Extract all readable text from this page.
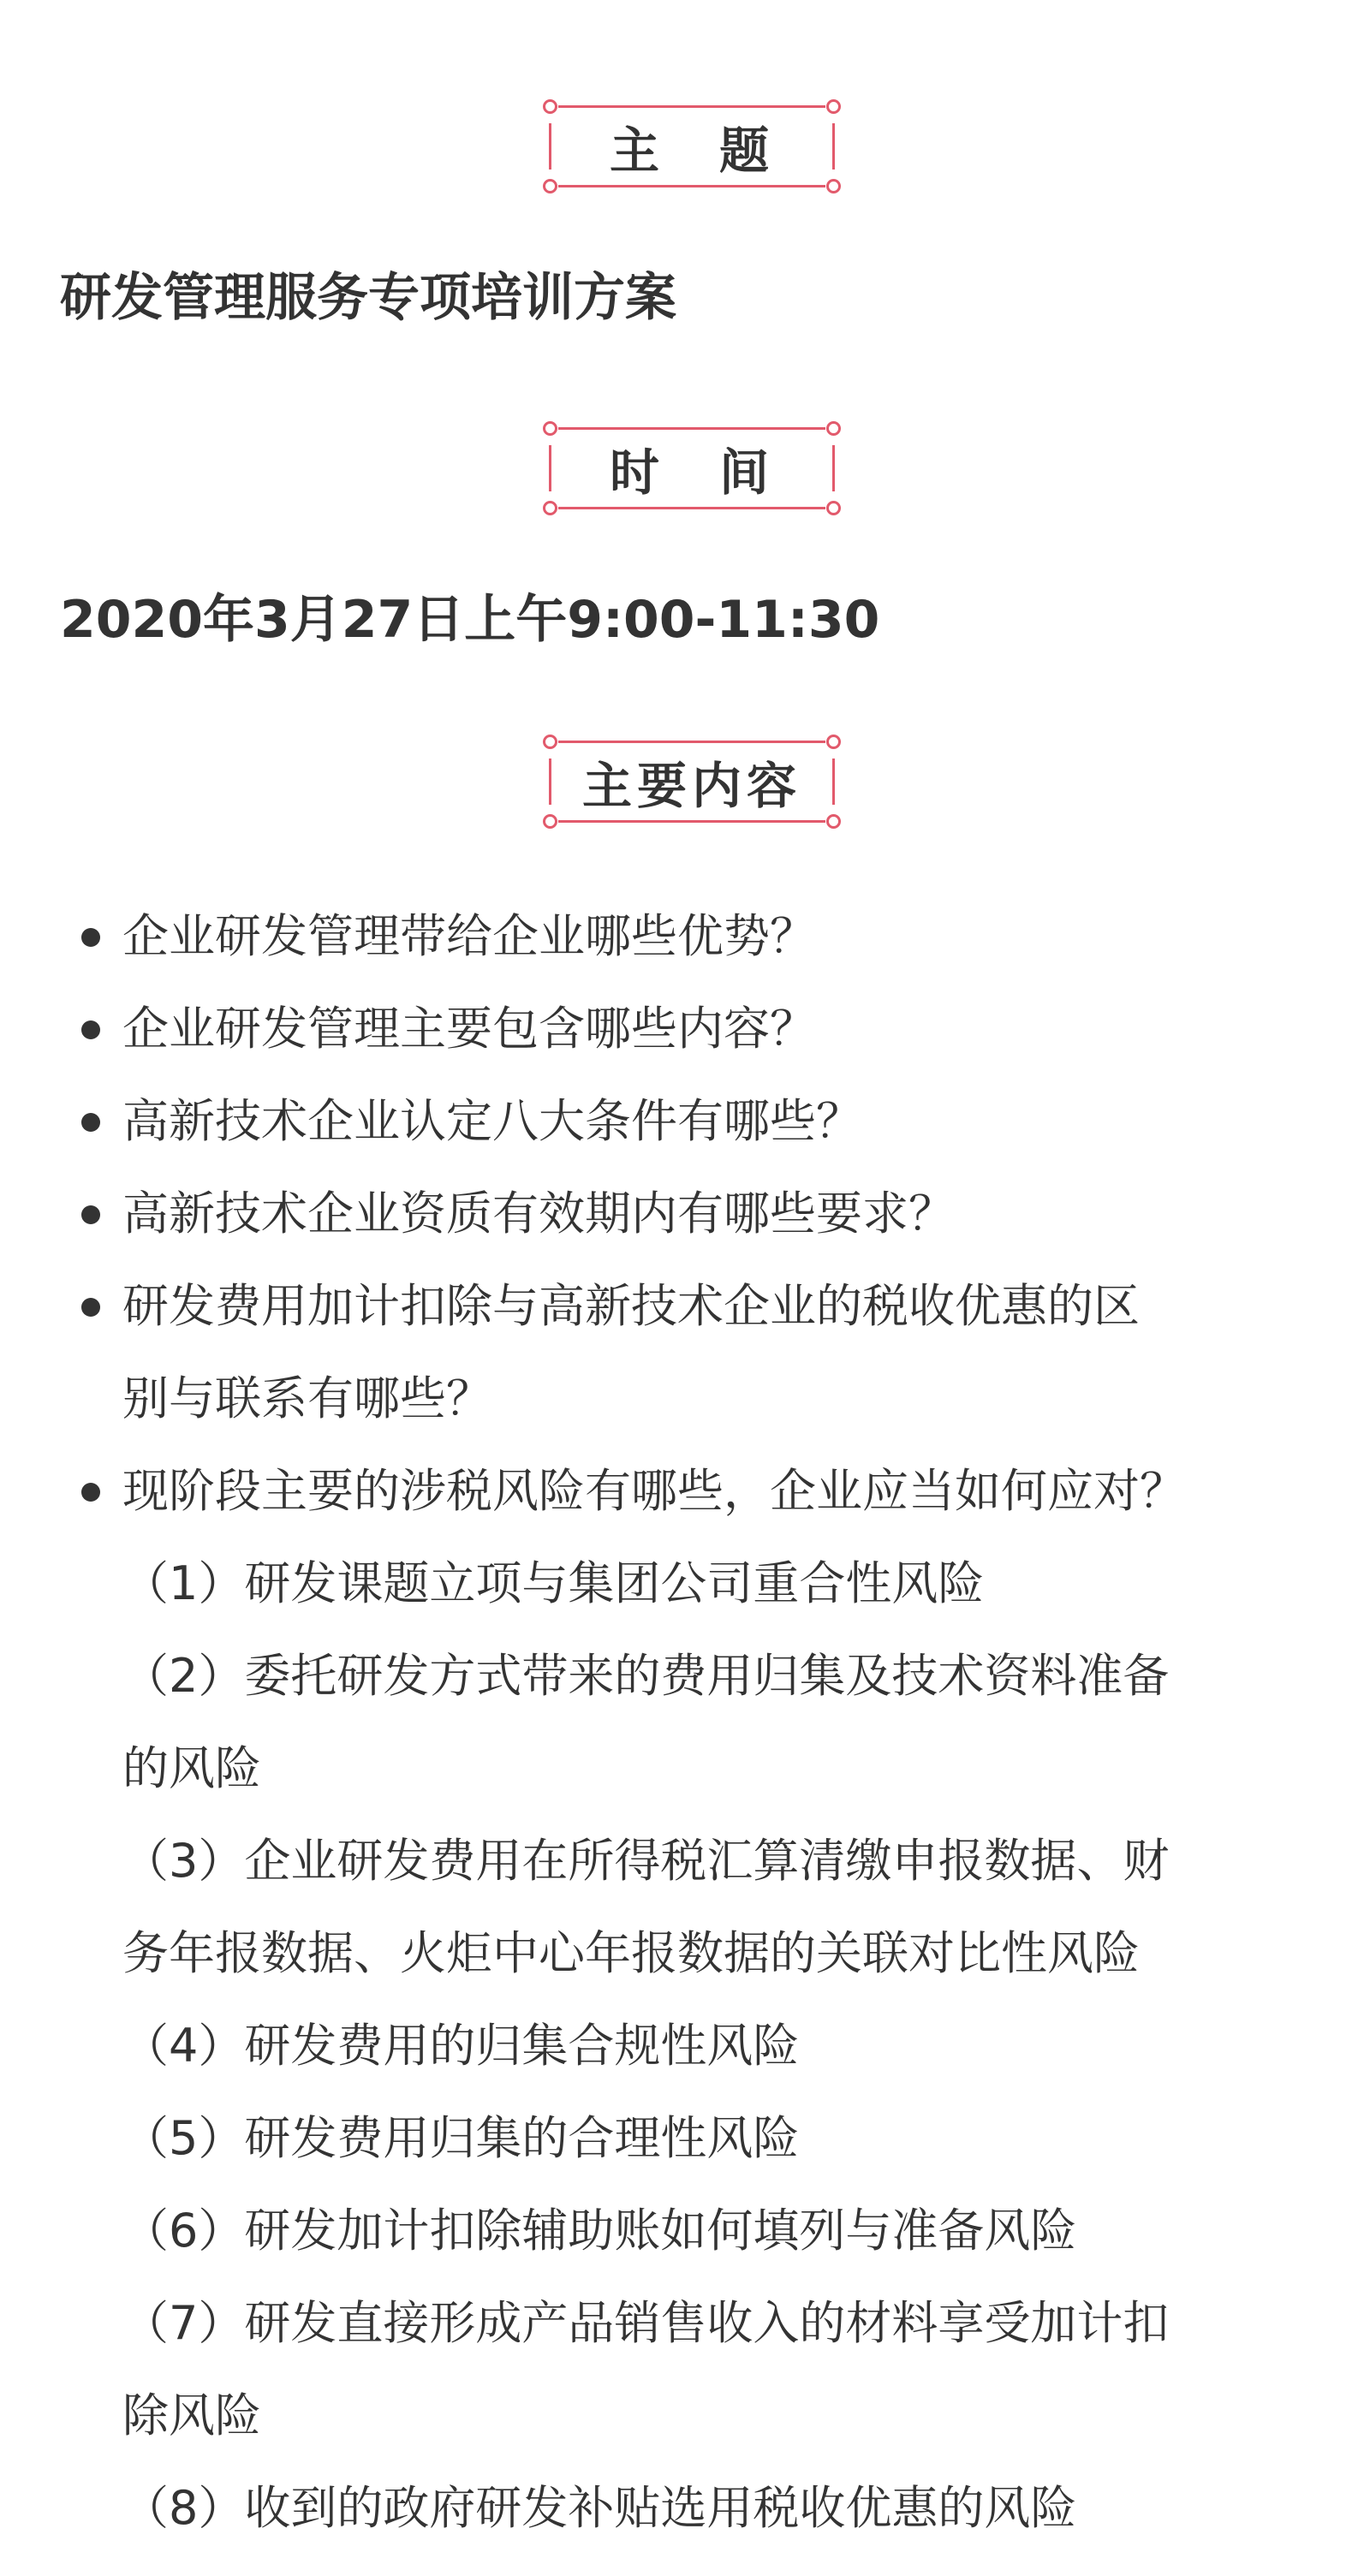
主　题
研发管理服务专项培训方案
时　间
2020年3月27日上午9:00-11:30
主要内容
企业研发管理带给企业哪些优势？
企业研发管理主要包含哪些内容？
高新技术企业认定八大条件有哪些？
高新技术企业资质有效期内有哪些要求？
研发费用加计扣除与高新技术企业的税收优惠的区
别与联系有哪些？
现阶段主要的涉税风险有哪些，企业应当如何应对？
（1）研发课题立项与集团公司重合性风险
（2）委托研发方式带来的费用归集及技术资料准备
的风险
（3）企业研发费用在所得税汇算清缴申报数据、财
务年报数据、火炬中心年报数据的关联对比性风险
（4）研发费用的归集合规性风险
（5）研发费用归集的合理性风险
（6）研发加计扣除辅助账如何填列与准备风险
（7）研发直接形成产品销售收入的材料享受加计扣
除风险
（8）收到的政府研发补贴选用税收优惠的风险
